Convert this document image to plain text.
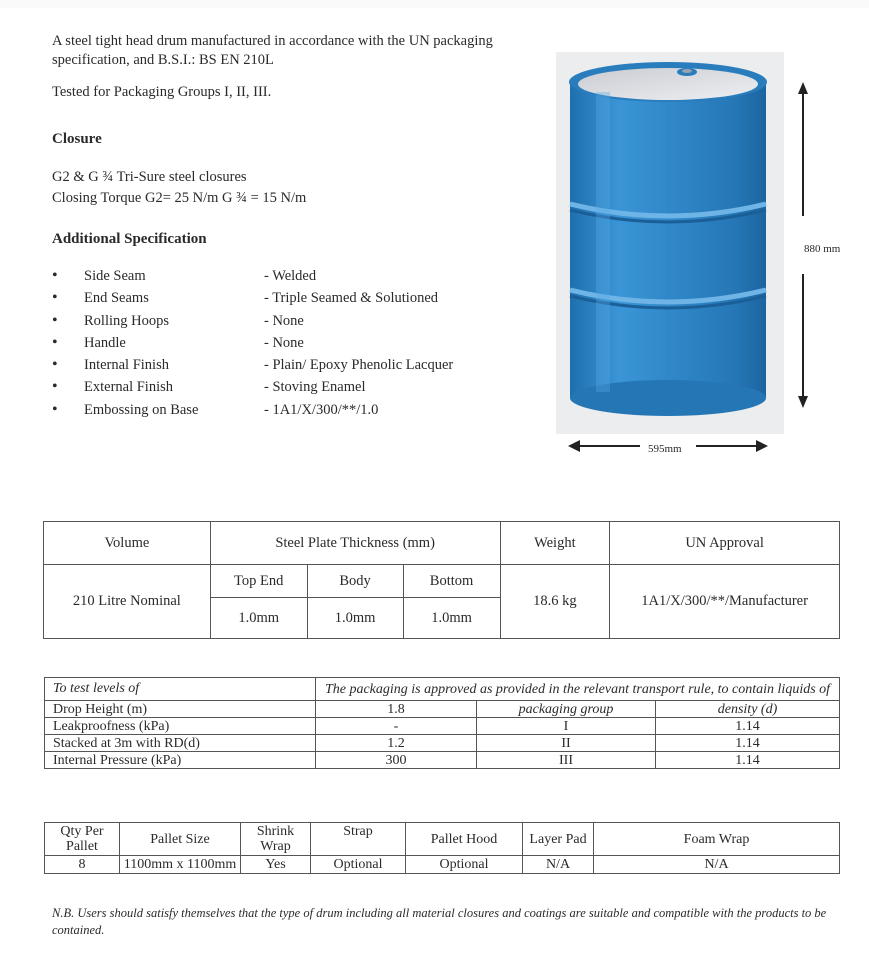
A steel tight head drum manufactured in accordance with the UN packaging specification, and B.S.I.: BS EN 210L

Tested for Packaging Groups I, II, III.

Closure
G2 & G ¾ Tri-Sure steel closures
Closing Torque G2= 25 N/m G ¾ = 15 N/m
Additional Specification
•	Side Seam	- Welded
•	End Seams	- Triple Seamed & Solutioned
•	Rolling Hoops	- None
•	Handle	- None
•	Internal Finish	- Plain/ Epoxy Phenolic Lacquer
•	External Finish	- Stoving Enamel
•	Embossing on Base	- 1A1/X/300/**/1.0
880 mm
595mm
Volume	Steel Plate Thickness (mm)			Weight	UN Approval
210 Litre Nominal	Top End	Body	Bottom	18.6 kg	1A1/X/300/**/Manufacturer
	1.0mm	1.0mm	1.0mm		
To test levels of	The packaging is approved as provided in the relevant transport rule, to contain liquids of		
Drop Height (m)	1.8	packaging group	density (d)
Leakproofness (kPa)	-	I	1.14
Stacked at 3m with RD(d)	1.2	II	1.14
Internal Pressure (kPa)	300	III	1.14
Qty Per Pallet	Pallet Size	Shrink Wrap	Strap	Pallet Hood	Layer Pad	Foam Wrap
8	1100mm x 1100mm	Yes	Optional	Optional	N/A	N/A
N.B. Users should satisfy themselves that the type of drum including all material closures and coatings are suitable and compatible with the products to be contained.
